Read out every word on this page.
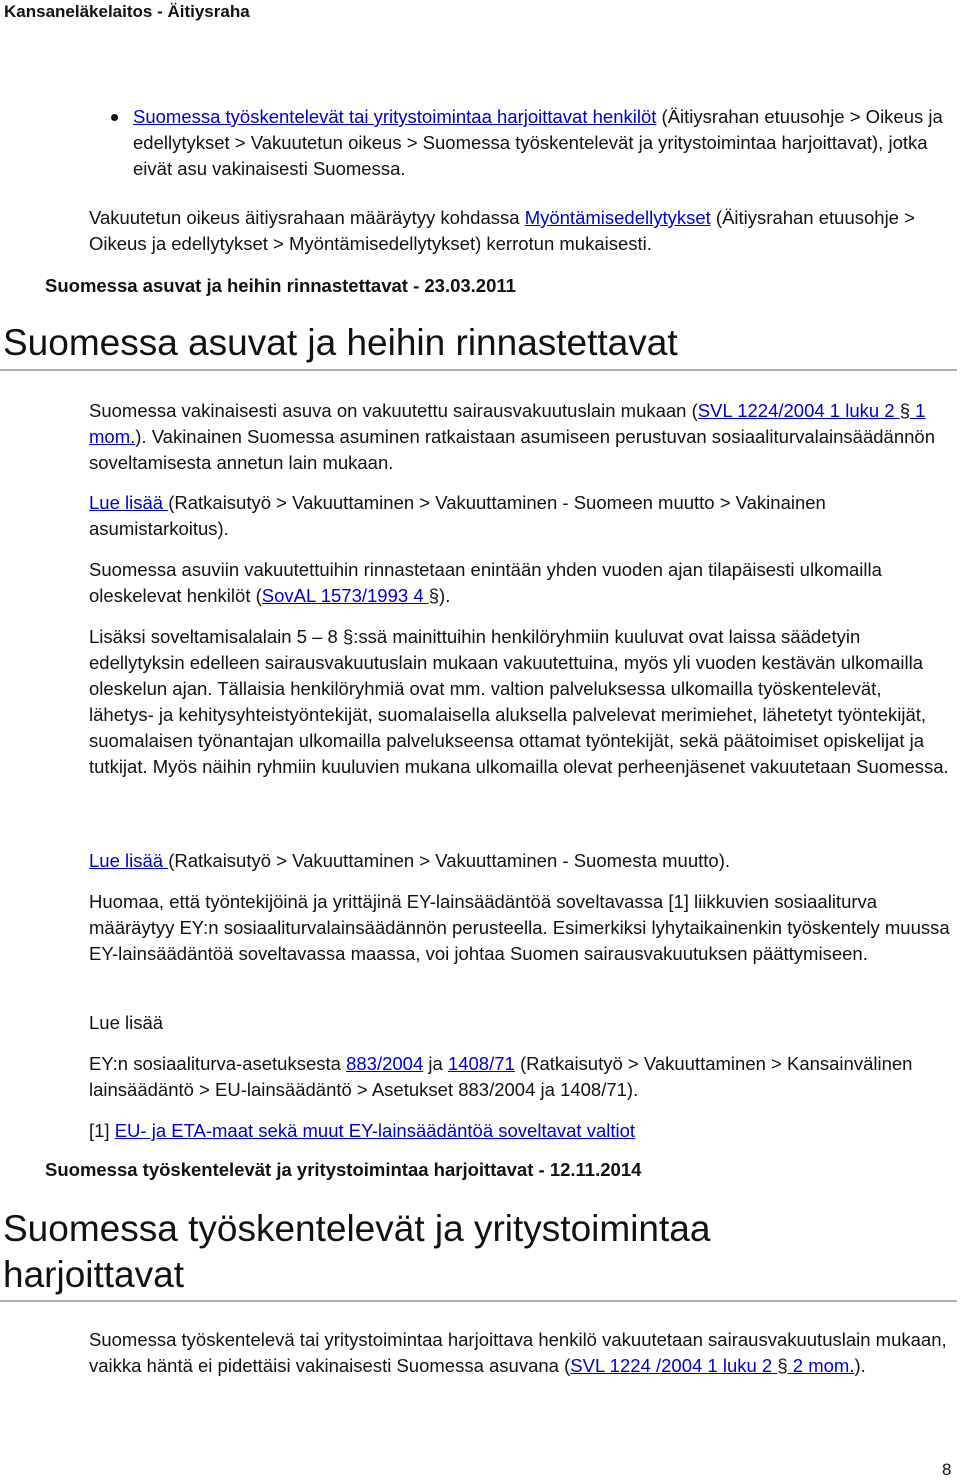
Kansaneläkelaitos - Äitiysraha

Suomessa työskentelevät tai yritystoimintaa harjoittavat henkilöt (Äitiysrahan etuusohje > Oikeus ja edellytykset > Vakuutetun oikeus > Suomessa työskentelevät ja yritystoimintaa harjoittavat), jotka eivät asu vakinaisesti Suomessa.

Vakuutetun oikeus äitiysrahaan määräytyy kohdassa Myöntämisedellytykset (Äitiysrahan etuusohje > Oikeus ja edellytykset > Myöntämisedellytykset) kerrotun mukaisesti.

Suomessa asuvat ja heihin rinnastettavat - 23.03.2011

Suomessa asuvat ja heihin rinnastettavat

Suomessa vakinaisesti asuva on vakuutettu sairausvakuutuslain mukaan (SVL 1224/2004 1 luku 2 § 1 mom.). Vakinainen Suomessa asuminen ratkaistaan asumiseen perustuvan sosiaaliturvalainsäädännön soveltamisesta annetun lain mukaan.

Lue lisää (Ratkaisutyö > Vakuuttaminen > Vakuuttaminen - Suomeen muutto > Vakinainen asumistarkoitus).

Suomessa asuviin vakuutettuihin rinnastetaan enintään yhden vuoden ajan tilapäisesti ulkomailla oleskelevat henkilöt (SovAL 1573/1993 4 §).

Lisäksi soveltamisalalain 5 – 8 §:ssä mainittuihin henkilöryhmiin kuuluvat ovat laissa säädetyin edellytyksin edelleen sairausvakuutuslain mukaan vakuutettuina, myös yli vuoden kestävän ulkomailla oleskelun ajan. Tällaisia henkilöryhmiä ovat mm. valtion palveluksessa ulkomailla työskentelevät, lähetys- ja kehitysyhteistyöntekijät, suomalaisella aluksella palvelevat merimiehet, lähetetyt työntekijät, suomalaisen työnantajan ulkomailla palvelukseensa ottamat työntekijät, sekä päätoimiset opiskelijat ja tutkijat. Myös näihin ryhmiin kuuluvien mukana ulkomailla olevat perheenjäsenet vakuutetaan Suomessa.

Lue lisää (Ratkaisutyö > Vakuuttaminen > Vakuuttaminen - Suomesta muutto).

Huomaa, että työntekijöinä ja yrittäjinä EY-lainsäädäntöä soveltavassa [1] liikkuvien sosiaaliturva määräytyy EY:n sosiaaliturvalainsäädännön perusteella. Esimerkiksi lyhytaikainenkin työskentely muussa EY-lainsäädäntöä soveltavassa maassa, voi johtaa Suomen sairausvakuutuksen päättymiseen.

Lue lisää

EY:n sosiaaliturva-asetuksesta 883/2004 ja 1408/71 (Ratkaisutyö > Vakuuttaminen > Kansainvälinen lainsäädäntö > EU-lainsäädäntö > Asetukset 883/2004 ja 1408/71).

[1] EU- ja ETA-maat sekä muut EY-lainsäädäntöä soveltavat valtiot

Suomessa työskentelevät ja yritystoimintaa harjoittavat - 12.11.2014

Suomessa työskentelevät ja yritystoimintaa
harjoittavat

Suomessa työskentelevä tai yritystoimintaa harjoittava henkilö vakuutetaan sairausvakuutuslain mukaan, vaikka häntä ei pidettäisi vakinaisesti Suomessa asuvana (SVL 1224 /2004 1 luku 2 § 2 mom.).

8
